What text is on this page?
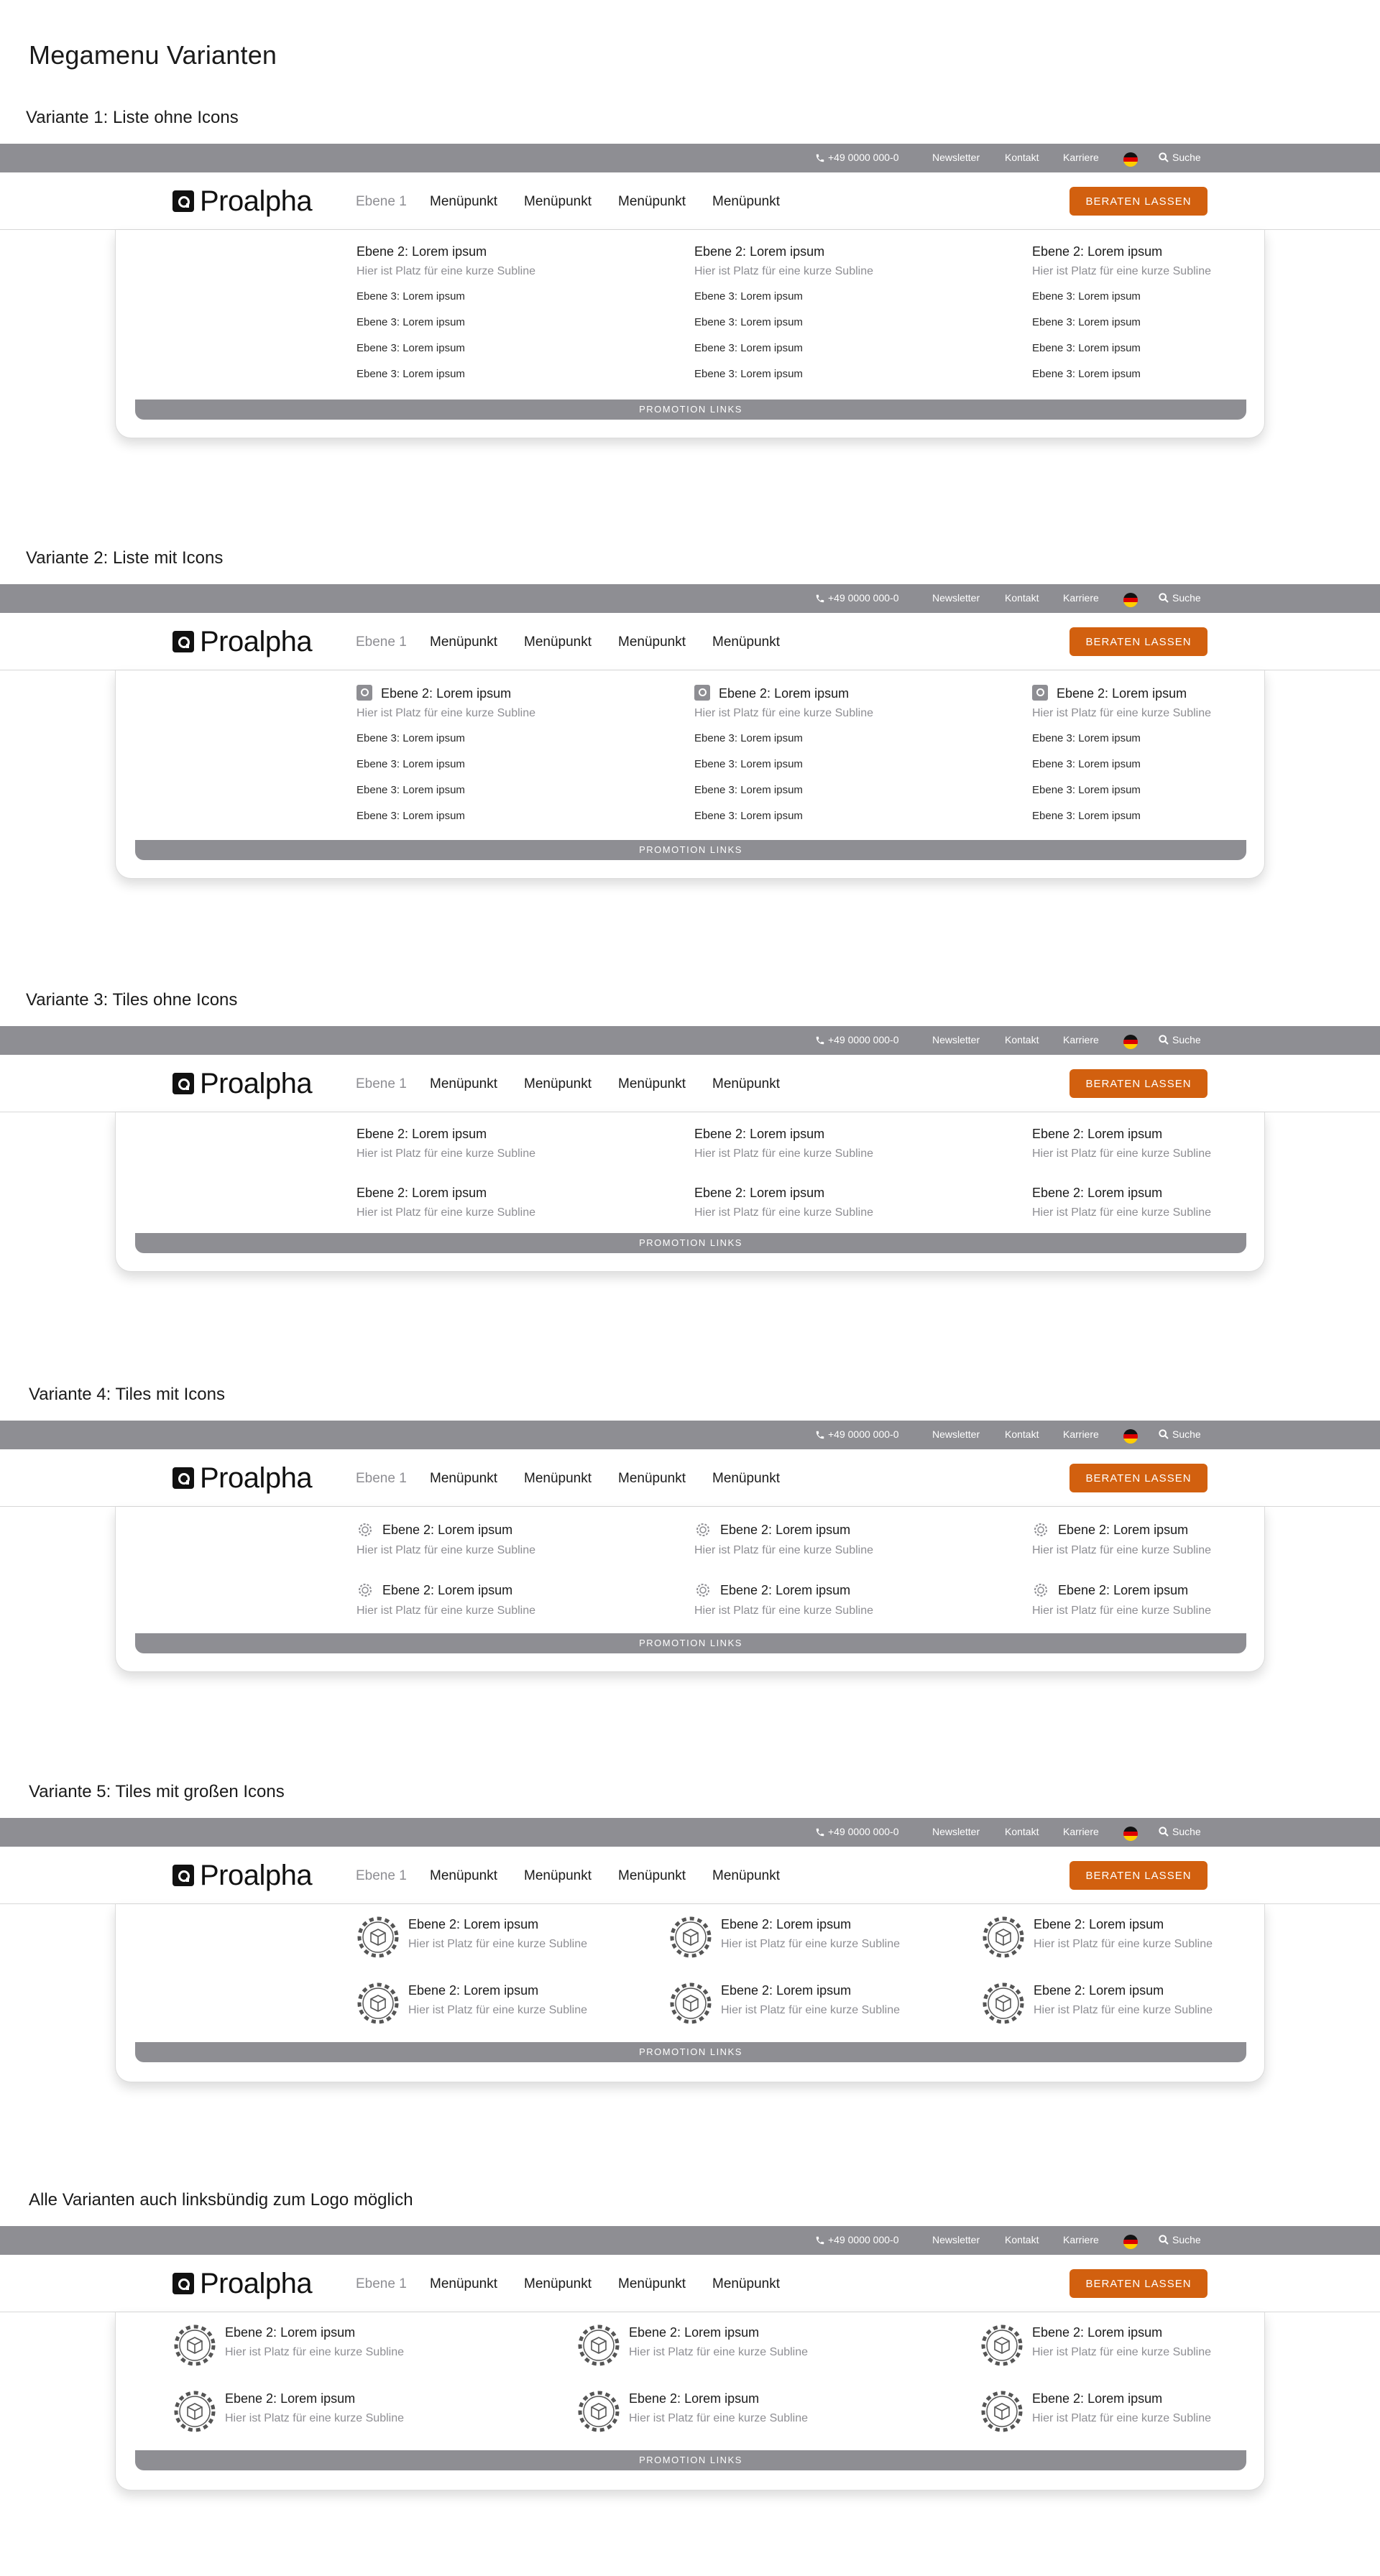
Megamenu Varianten
Variante 1: Liste ohne Icons
+49 0000 000-0	Newsletter Kontakt Karriere	Suche
Proalpha	Ebene 1 Menüpunkt Menüpunkt Menüpunkt Menüpunkt	BERATEN LASSEN
Ebene 2: Lorem ipsum
Hier ist Platz für eine kurze Subline
Ebene 3: Lorem ipsum
Ebene 3: Lorem ipsum
Ebene 3: Lorem ipsum
Ebene 3: Lorem ipsum
Ebene 2: Lorem ipsum
Hier ist Platz für eine kurze Subline
Ebene 3: Lorem ipsum
Ebene 3: Lorem ipsum
Ebene 3: Lorem ipsum
Ebene 3: Lorem ipsum
Ebene 2: Lorem ipsum
Hier ist Platz für eine kurze Subline
Ebene 3: Lorem ipsum
Ebene 3: Lorem ipsum
Ebene 3: Lorem ipsum
Ebene 3: Lorem ipsum
PROMOTION LINKS
Variante 2: Liste mit Icons
+49 0000 000-0	Newsletter Kontakt Karriere	Suche
Proalpha	Ebene 1 Menüpunkt Menüpunkt Menüpunkt Menüpunkt	BERATEN LASSEN
Ebene 2: Lorem ipsum
Hier ist Platz für eine kurze Subline
Ebene 3: Lorem ipsum
Ebene 3: Lorem ipsum
Ebene 3: Lorem ipsum
Ebene 3: Lorem ipsum
Ebene 2: Lorem ipsum
Hier ist Platz für eine kurze Subline
Ebene 3: Lorem ipsum
Ebene 3: Lorem ipsum
Ebene 3: Lorem ipsum
Ebene 3: Lorem ipsum
Ebene 2: Lorem ipsum
Hier ist Platz für eine kurze Subline
Ebene 3: Lorem ipsum
Ebene 3: Lorem ipsum
Ebene 3: Lorem ipsum
Ebene 3: Lorem ipsum
PROMOTION LINKS
Variante 3: Tiles ohne Icons
+49 0000 000-0	Newsletter Kontakt Karriere	Suche
Proalpha	Ebene 1 Menüpunkt Menüpunkt Menüpunkt Menüpunkt	BERATEN LASSEN
Ebene 2: Lorem ipsum
Hier ist Platz für eine kurze Subline
Ebene 2: Lorem ipsum
Hier ist Platz für eine kurze Subline
Ebene 2: Lorem ipsum
Hier ist Platz für eine kurze Subline
Ebene 2: Lorem ipsum
Hier ist Platz für eine kurze Subline
Ebene 2: Lorem ipsum
Hier ist Platz für eine kurze Subline
Ebene 2: Lorem ipsum
Hier ist Platz für eine kurze Subline
PROMOTION LINKS
Variante 4: Tiles mit Icons
+49 0000 000-0	Newsletter Kontakt Karriere	Suche
Proalpha	Ebene 1 Menüpunkt Menüpunkt Menüpunkt Menüpunkt	BERATEN LASSEN
Ebene 2: Lorem ipsum
Hier ist Platz für eine kurze Subline
Ebene 2: Lorem ipsum
Hier ist Platz für eine kurze Subline
Ebene 2: Lorem ipsum
Hier ist Platz für eine kurze Subline
Ebene 2: Lorem ipsum
Hier ist Platz für eine kurze Subline
Ebene 2: Lorem ipsum
Hier ist Platz für eine kurze Subline
Ebene 2: Lorem ipsum
Hier ist Platz für eine kurze Subline
PROMOTION LINKS
Variante 5: Tiles mit großen Icons
+49 0000 000-0	Newsletter Kontakt Karriere	Suche
Proalpha	Ebene 1 Menüpunkt Menüpunkt Menüpunkt Menüpunkt	BERATEN LASSEN
Ebene 2: Lorem ipsum
Hier ist Platz für eine kurze Subline
Ebene 2: Lorem ipsum
Hier ist Platz für eine kurze Subline
Ebene 2: Lorem ipsum
Hier ist Platz für eine kurze Subline
Ebene 2: Lorem ipsum
Hier ist Platz für eine kurze Subline
Ebene 2: Lorem ipsum
Hier ist Platz für eine kurze Subline
Ebene 2: Lorem ipsum
Hier ist Platz für eine kurze Subline
PROMOTION LINKS
Alle Varianten auch linksbündig zum Logo möglich
+49 0000 000-0	Newsletter Kontakt Karriere	Suche
Proalpha	Ebene 1 Menüpunkt Menüpunkt Menüpunkt Menüpunkt	BERATEN LASSEN
Ebene 2: Lorem ipsum
Hier ist Platz für eine kurze Subline
Ebene 2: Lorem ipsum
Hier ist Platz für eine kurze Subline
Ebene 2: Lorem ipsum
Hier ist Platz für eine kurze Subline
Ebene 2: Lorem ipsum
Hier ist Platz für eine kurze Subline
Ebene 2: Lorem ipsum
Hier ist Platz für eine kurze Subline
Ebene 2: Lorem ipsum
Hier ist Platz für eine kurze Subline
PROMOTION LINKS
